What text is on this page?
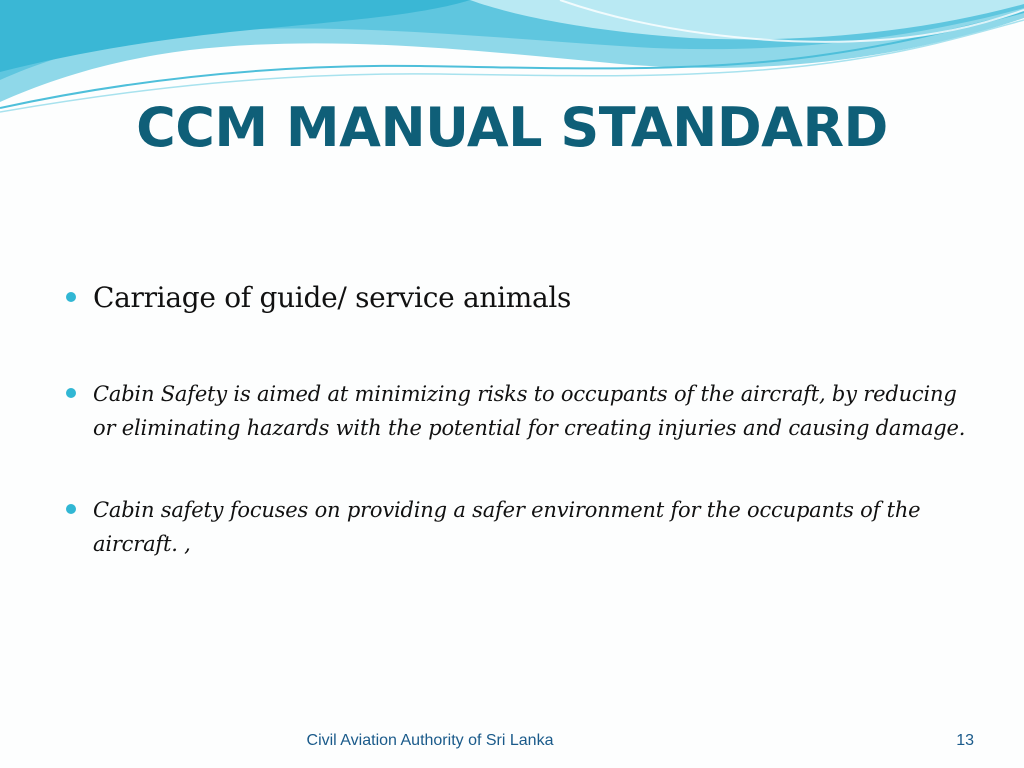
CCM MANUAL STANDARD
Carriage of guide/ service animals
Cabin Safety is aimed at minimizing risks to occupants of the aircraft, by reducing or eliminating hazards with the potential for creating injuries and causing damage.
Cabin safety focuses on providing a safer environment for the occupants of the aircraft. ,
Civil Aviation Authority of Sri Lanka	13
